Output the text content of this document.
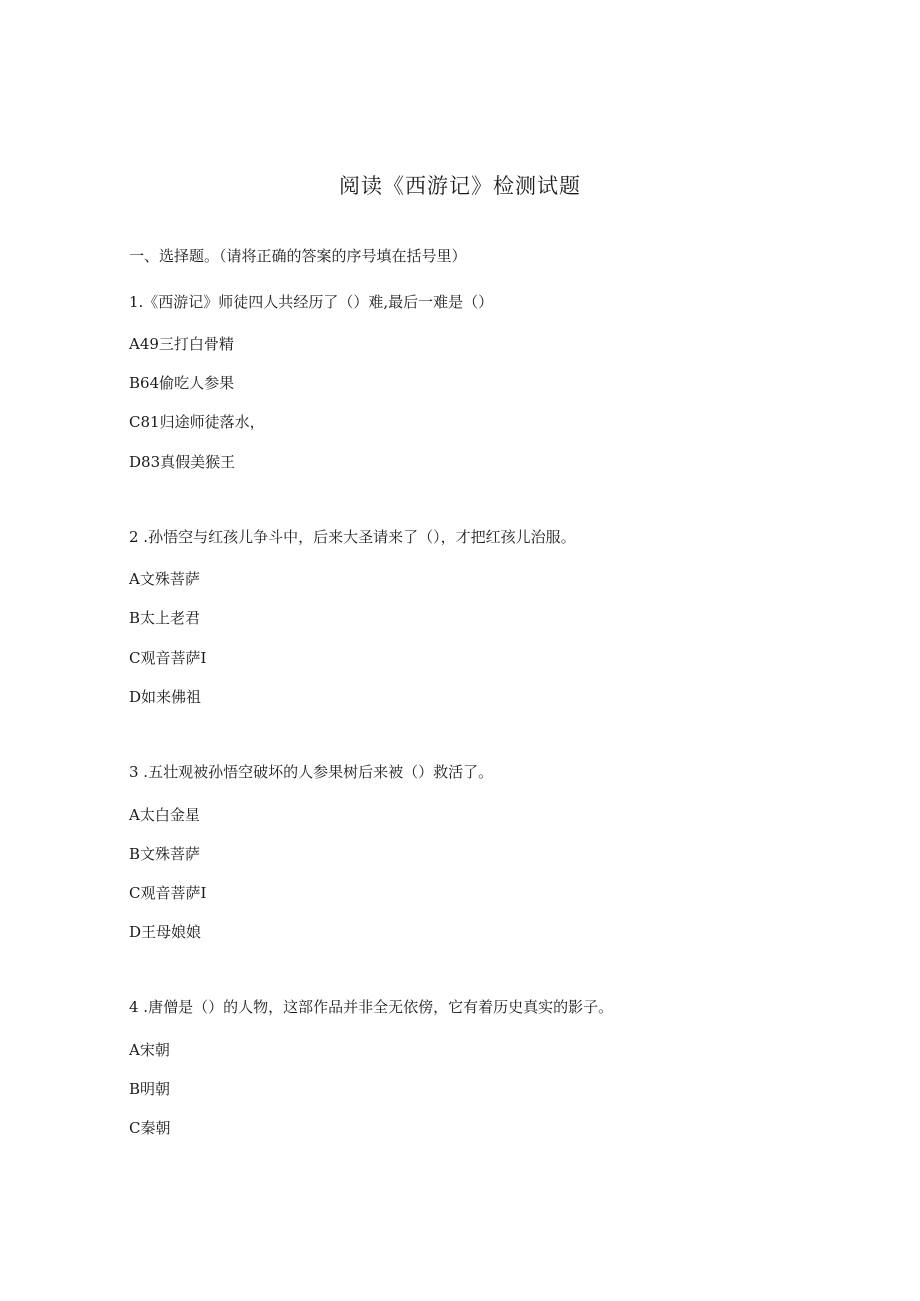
阅读《西游记》检测试题
一、选择题。（请将正确的答案的序号填在括号里）
1.《西游记》师徒四人共经历了（）难,最后一难是（）
A49三打白骨精
B64偷吃人参果
C81归途师徒落水，
D83真假美猴王
2 .孙悟空与红孩儿争斗中，后来大圣请来了（），才把红孩儿治服。
A文殊菩萨
B太上老君
C观音菩萨I
D如来佛祖
3 .五壮观被孙悟空破坏的人参果树后来被（）救活了。
A太白金星
B文殊菩萨
C观音菩萨I
D王母娘娘
4 .唐僧是（）的人物，这部作品并非全无依傍，它有着历史真实的影子。
A宋朝
B明朝
C秦朝
